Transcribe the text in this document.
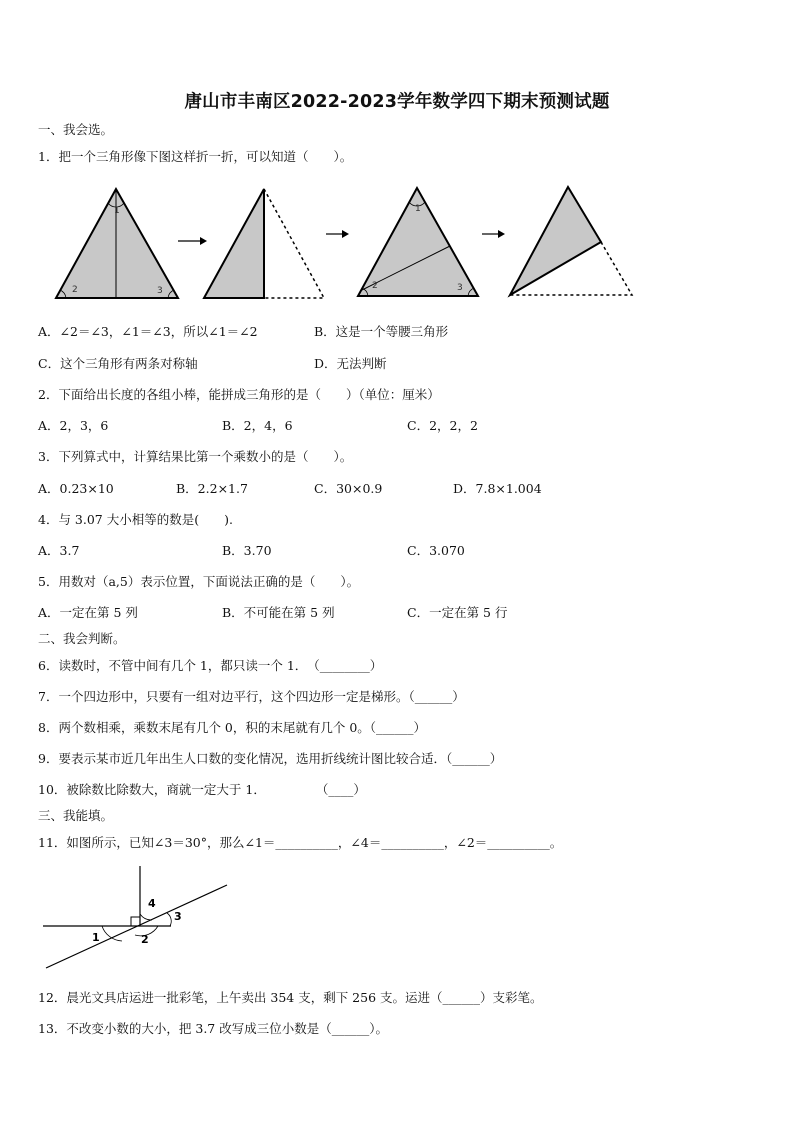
唐山市丰南区2022-2023学年数学四下期末预测试题
一、我会选。
1．把一个三角形像下图这样折一折，可以知道（　　）。
1
2	3
1
2	3
A．∠2＝∠3，∠1＝∠3，所以∠1＝∠2	B．这是一个等腰三角形
C．这个三角形有两条对称轴	D．无法判断
2．下面给出长度的各组小棒，能拼成三角形的是（　　）（单位：厘米）
A．2，3，6	B．2，4，6	C．2，2，2
3．下列算式中，计算结果比第一个乘数小的是（　　）。
A．0.23×10	B．2.2×1.7	C．30×0.9	D．7.8×1.004
4．与 3.07 大小相等的数是(　　).
A．3.7	B．3.70	C．3.070
5．用数对（a,5）表示位置，下面说法正确的是（　　）。
A．一定在第 5 列	B．不可能在第 5 列	C．一定在第 5 行
二、我会判断。
6．读数时，不管中间有几个 1，都只读一个 1．　（________）
7．一个四边形中，只要有一组对边平行，这个四边形一定是梯形。（______）
8．两个数相乘，乘数末尾有几个 0，积的末尾就有几个 0。（______）
9．要表示某市近几年出生人口数的变化情况，选用折线统计图比较合适．（______）
10．被除数比除数大，商就一定大于 1．　　　　　（____）
三、我能填。
11．如图所示，已知∠3＝30°，那么∠1＝__________，∠4＝__________，∠2＝__________。
1	2
3
4
12．晨光文具店运进一批彩笔，上午卖出 354 支，剩下 256 支。运进（______）支彩笔。
13．不改变小数的大小，把 3.7 改写成三位小数是（______）。
